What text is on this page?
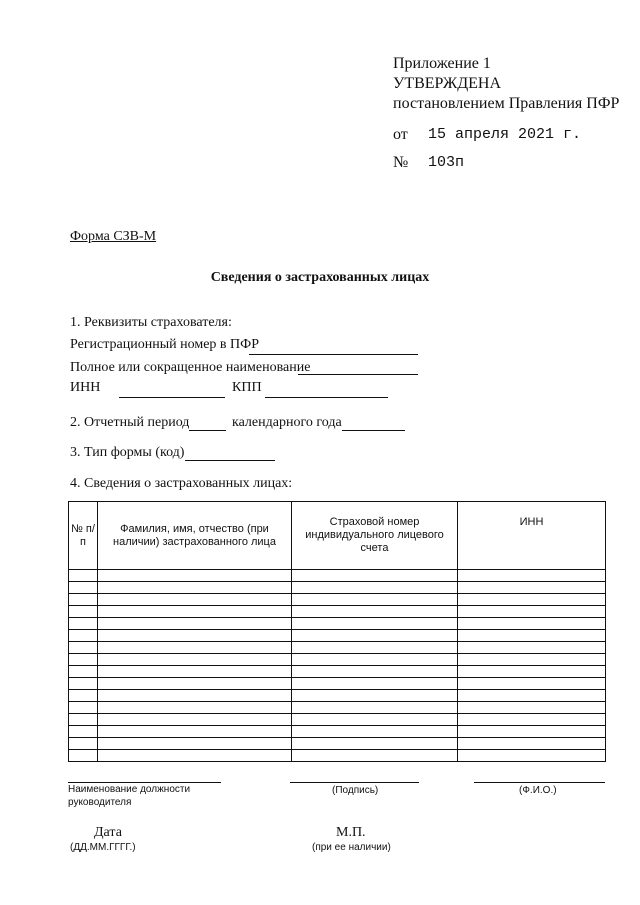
Приложение 1
УТВЕРЖДЕНА
постановлением Правления ПФР
от 15 апреля 2021 г.
№ 103п
Форма СЗВ-М
Сведения о застрахованных лицах
1. Реквизиты страхователя:
Регистрационный номер в ПФР
Полное или сокращенное наименование
ИНН	КПП
2. Отчетный период	календарного года
3. Тип формы (код)
4. Сведения о застрахованных лицах:
№ п/п	Фамилия, имя, отчество (при наличии) застрахованного лица	Страховой номер индивидуального лицевого счета	ИНН

Наименование должности руководителя
(Подпись)	(Ф.И.О.)
Дата
(ДД.ММ.ГГГГ.)
М.П.
(при ее наличии)
